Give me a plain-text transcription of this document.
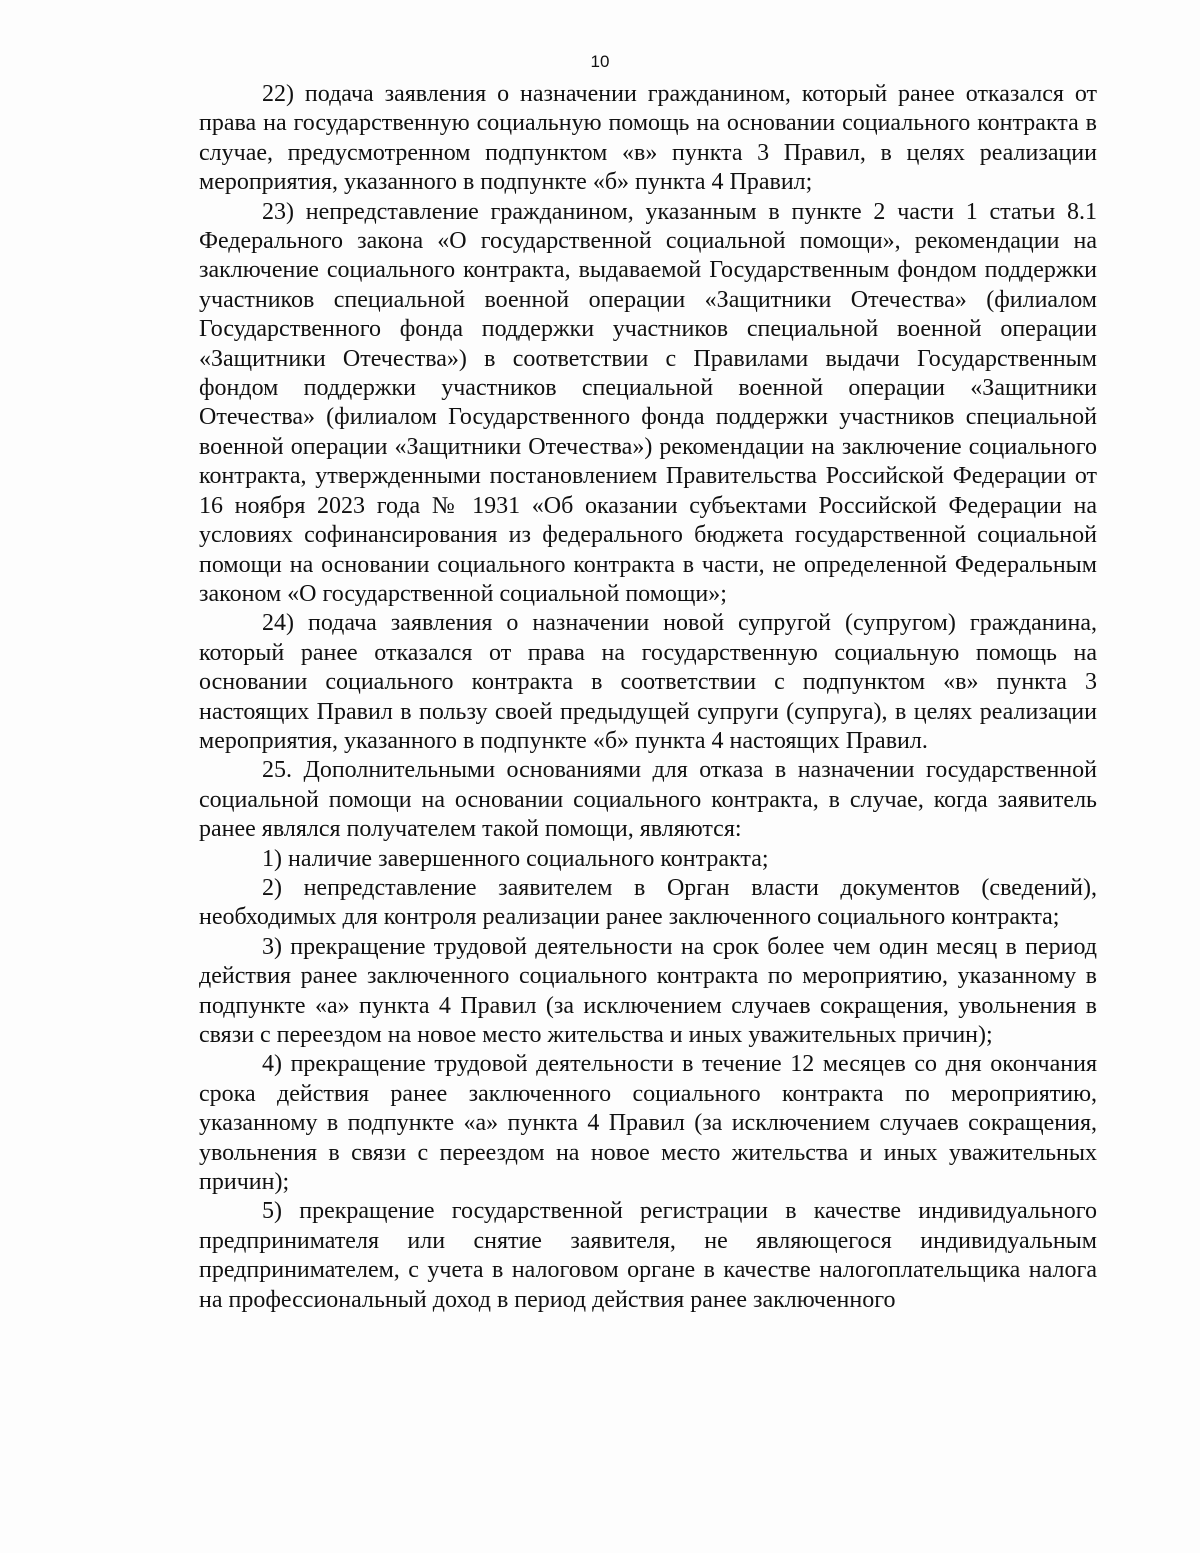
10

22) подача заявления о назначении гражданином, который ранее отказался от права на государственную социальную помощь на основании социального контракта в случае, предусмотренном подпунктом «в» пункта 3 Правил, в целях реализации мероприятия, указанного в подпункте «б» пункта 4 Правил;

23) непредставление гражданином, указанным в пункте 2 части 1 статьи 8.1 Федерального закона «О государственной социальной помощи», рекомендации на заключение социального контракта, выдаваемой Государственным фондом поддержки участников специальной военной операции «Защитники Отечества» (филиалом Государственного фонда поддержки участников специальной военной операции «Защитники Отечества») в соответствии с Правилами выдачи Государственным фондом поддержки участников специальной военной операции «Защитники Отечества» (филиалом Государственного фонда поддержки участников специальной военной операции «Защитники Отечества») рекомендации на заключение социального контракта, утвержденными постановлением Правительства Российской Федерации от 16 ноября 2023 года № 1931 «Об оказании субъектами Российской Федерации на условиях софинансирования из федерального бюджета государственной социальной помощи на основании социального контракта в части, не определенной Федеральным законом «О государственной социальной помощи»;

24) подача заявления о назначении новой супругой (супругом) гражданина, который ранее отказался от права на государственную социальную помощь на основании социального контракта в соответствии с подпунктом «в» пункта 3 настоящих Правил в пользу своей предыдущей супруги (супруга), в целях реализации мероприятия, указанного в подпункте «б» пункта 4 настоящих Правил.

25. Дополнительными основаниями для отказа в назначении государственной социальной помощи на основании социального контракта, в случае, когда заявитель ранее являлся получателем такой помощи, являются:

1) наличие завершенного социального контракта;

2) непредставление заявителем в Орган власти документов (сведений), необходимых для контроля реализации ранее заключенного социального контракта;

3) прекращение трудовой деятельности на срок более чем один месяц в период действия ранее заключенного социального контракта по мероприятию, указанному в подпункте «а» пункта 4 Правил (за исключением случаев сокращения, увольнения в связи с переездом на новое место жительства и иных уважительных причин);

4) прекращение трудовой деятельности в течение 12 месяцев со дня окончания срока действия ранее заключенного социального контракта по мероприятию, указанному в подпункте «а» пункта 4 Правил (за исключением случаев сокращения, увольнения в связи с переездом на новое место жительства и иных уважительных причин);

5) прекращение государственной регистрации в качестве индивидуального предпринимателя или снятие заявителя, не являющегося индивидуальным предпринимателем, с учета в налоговом органе в качестве налогоплательщика налога на профессиональный доход в период действия ранее заключенного
